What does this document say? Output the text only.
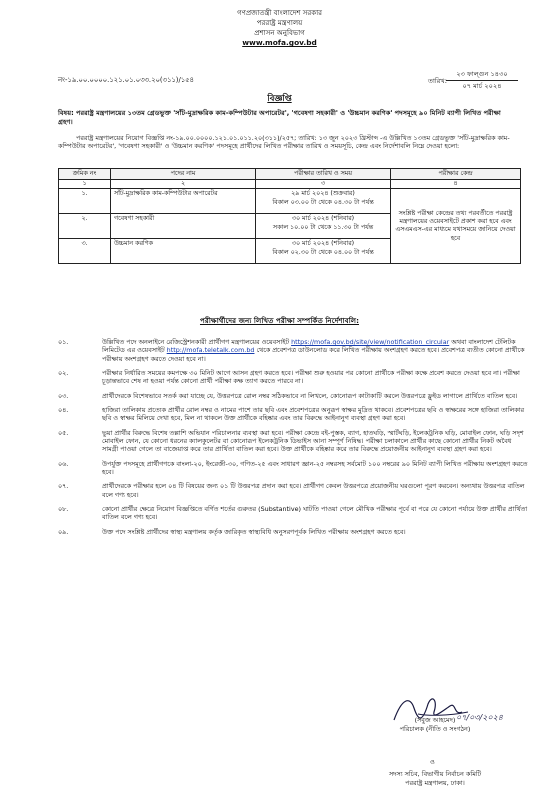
গণপ্রজাতন্ত্রী বাংলাদেশ সরকার
পররাষ্ট্র মন্ত্রণালয়
প্রশাসন অনুবিভাগ
www.mofa.gov.bd
নং-১৯.০০.০০০০.১২১.০১.০৩৩.২০(৩১১)/১৫৪	তারিখ:
২৩ ফাল্গুন ১৪৩০
০৭ মার্চ ২০২৪
বিজ্ঞপ্তি
বিষয়: পররাষ্ট্র মন্ত্রণালয়ের ১৩তম গ্রেডভুক্ত 'সাঁট-মুদ্রাক্ষরিক কাম-কম্পিউটার অপারেটর', 'গবেষণা সহকারী' ও 'উচ্চমান করণিক' পদসমূহে ৯০ মিনিট ব্যাপী লিখিত পরীক্ষা গ্রহণ।
পররাষ্ট্র মন্ত্রণালয়ের নিয়োগ বিজ্ঞপ্তি নং-১৯.০০.০০০০.১২১.০১.০১১.২০(৩১১)/২৫৭; তারিখ: ১৩ জুন ২০২৩ খ্রিস্টাব্দ -এ উল্লিখিত ১৩তম গ্রেডভুক্ত 'সাঁট-মুদ্রাক্ষরিক কাম-কম্পিউটার অপারেটর', 'গবেষণা সহকারী' ও 'উচ্চমান করণিক' পদসমূহে প্রার্থীদের লিখিত পরীক্ষার তারিখ ও সময়সূচি, কেন্দ্র এবং নির্দেশাবলি নিম্নে দেওয়া হলো:
ক্রমিক নং	পদের নাম	পরীক্ষার তারিখ ও সময়	পরীক্ষার কেন্দ্র
১	২	৩	৪
১.	সাঁট-মুদ্রাক্ষরিক কাম-কম্পিউটার অপারেটর	২৯ মার্চ ২০২৪ (শুক্রবার)
বিকাল ০৩.০০ টা থেকে ০৪.৩০ টা পর্যন্ত	সংশ্লিষ্ট পরীক্ষা কেন্দ্রের তথ্য পরবর্তীতে পররাষ্ট্র মন্ত্রণালয়ের ওয়েবসাইটে প্রকাশ করা হবে এবং এসএমএস-এর মাধ্যমে যথাসময়ে জানিয়ে দেওয়া হবে
২.	গবেষণা সহকারী	৩০ মার্চ ২০২৪ (শনিবার)
সকাল ১০.০০ টা থেকে ১১.৩০ টা পর্যন্ত	

৩.	উচ্চমান করণিক	৩০ মার্চ ২০২৪ (শনিবার)
বিকাল ০২.৩০ টা থেকে ০৪.০০ টা পর্যন্ত	
পরীক্ষার্থীদের জন্য লিখিত পরীক্ষা সম্পর্কিত নির্দেশাবলি:
০১.	উল্লিখিত পদে অনলাইনে রেজিস্ট্রেশনকারী প্রার্থীগণ মন্ত্রণালয়ের ওয়েবসাইট https://mofa.gov.bd/site/view/notification_circular অথবা বাংলাদেশ টেলিটক লিমিটেড এর ওয়েবসাইট http://mofa.teletalk.com.bd থেকে প্রবেশপত্র ডাউনলোড করে লিখিত পরীক্ষায় অংশগ্রহণ করতে হবে। প্রবেশপত্র ব্যতীত কোনো প্রার্থীকে পরীক্ষায় অংশগ্রহণ করতে দেওয়া হবে না।
০২.	পরীক্ষার নির্ধারিত সময়ের কমপক্ষে ৩০ মিনিট আগে আসন গ্রহণ করতে হবে। পরীক্ষা শুরু হওয়ার পর কোনো প্রার্থীকে পরীক্ষা কক্ষে প্রবেশ করতে দেওয়া হবে না। পরীক্ষা চূড়ান্তভাবে শেষ না হওয়া পর্যন্ত কোনো প্রার্থী পরীক্ষা কক্ষ ত্যাগ করতে পারবে না।
০৩.	প্রার্থীদেরকে বিশেষভাবে সতর্ক করা যাচ্ছে যে, উত্তরপত্রে রোল নম্বর সঠিকভাবে না লিখলে, কোনোরূপ কাটাকাটি করলে উত্তরপত্রে ফ্লুইড লাগালে প্রার্থিতে বাতিল হবে।
০৪.	হাজিরা তালিকায় প্রত্যেক প্রার্থীর রোল নম্বর ও নামের পাশে তার ছবি এবং প্রবেশপত্রের অনুরূপ স্বাক্ষর মুদ্রিত থাকবে। প্রবেশপত্রের ছবি ও স্বাক্ষরের সঙ্গে হাজিরা তালিকার ছবি ও স্বাক্ষর মিলিয়ে দেখা হবে, মিল না থাকলে উক্ত প্রার্থীকে বহিষ্কার এবং তার বিরুদ্ধে আইনানুগ ব্যবস্থা গ্রহণ করা হবে।
০৫.	ভুয়া প্রার্থীর বিরুদ্ধে বিশেষ তল্লাশি অভিযান পরিচালনার ব্যবস্থা করা হবে। পরীক্ষা কেন্দ্রে বই-পুস্তক, ব্যাগ, হাতঘড়ি, স্মার্টঘড়ি, ইলেকট্রনিক ঘড়ি, মোবাইল ফোন, ঘড়ি সদৃশ মোবাইল ফোন, যে কোনো ধরনের ক্যালকুলেটর বা কোনোরূপ ইলেকট্রনিক ডিভাইস আনা সম্পূর্ণ নিষিদ্ধ। পরীক্ষা চলাকালে প্রার্থীর কাছে কোনো প্রার্থীর নিকট অবৈধ সামগ্রী পাওয়া গেলে তা বাজেয়াপ্ত করে তার প্রার্থিতা বাতিল করা হবে। উক্ত প্রার্থীকে বহিষ্কার করে তার বিরুদ্ধে প্রয়োজনীয় আইনানুগ ব্যবস্থা গ্রহণ করা হবে।
০৬.	উপর্যুক্ত পদসমূহে প্রার্থীগণকে বাংলা-২০, ইংরেজী-৩০, গণিত-২৫ এবং সাধারণ জ্ঞান-২৫ নম্বরসহ সর্বমোট ১০০ নম্বরের ৯০ মিনিট ব্যাপী লিখিত পরীক্ষায় অংশগ্রহণ করতে হবে।
০৭.	প্রার্থীদেরকে পরীক্ষার হলে ০৪ টি বিষয়ের জন্য ০১ টি উত্তরপত্র প্রদান করা হবে। প্রার্থীগণ কেবল উত্তরপত্রে প্রয়োজনীয় ঘরগুলো পূরণ করবেন। অন্যথায় উত্তরপত্র বাতিল বলে গণ্য হবে।
০৮.	কোনো প্রার্থীর ক্ষেত্রে নিয়োগ বিজ্ঞপ্তিতে বর্ণিত শর্তের গুরুতর (Substantive) ঘাটতি পাওয়া গেলে মৌখিক পরীক্ষার পূর্বে বা পরে যে কোনো পর্যায়ে উক্ত প্রার্থীর প্রার্থিতা বাতিল বলে গণ্য হবে।
০৯.	উক্ত পদে সংশ্লিষ্ট প্রার্থীদের স্বাস্থ্য মন্ত্রণালয় কর্তৃক জারিকৃত স্বাস্থ্যবিধি অনুসরণপূর্বক লিখিত পরীক্ষায় অংশগ্রহণ করতে হবে।
০৭/০৩/২০২৪
(সবুজ আহমেদ)
পরিচালক (নীতি ও সংগঠন)
ও
সদস্য সচিব, বিভাগীয় নির্বাচন কমিটি
পররাষ্ট্র মন্ত্রণালয়, ঢাকা।
